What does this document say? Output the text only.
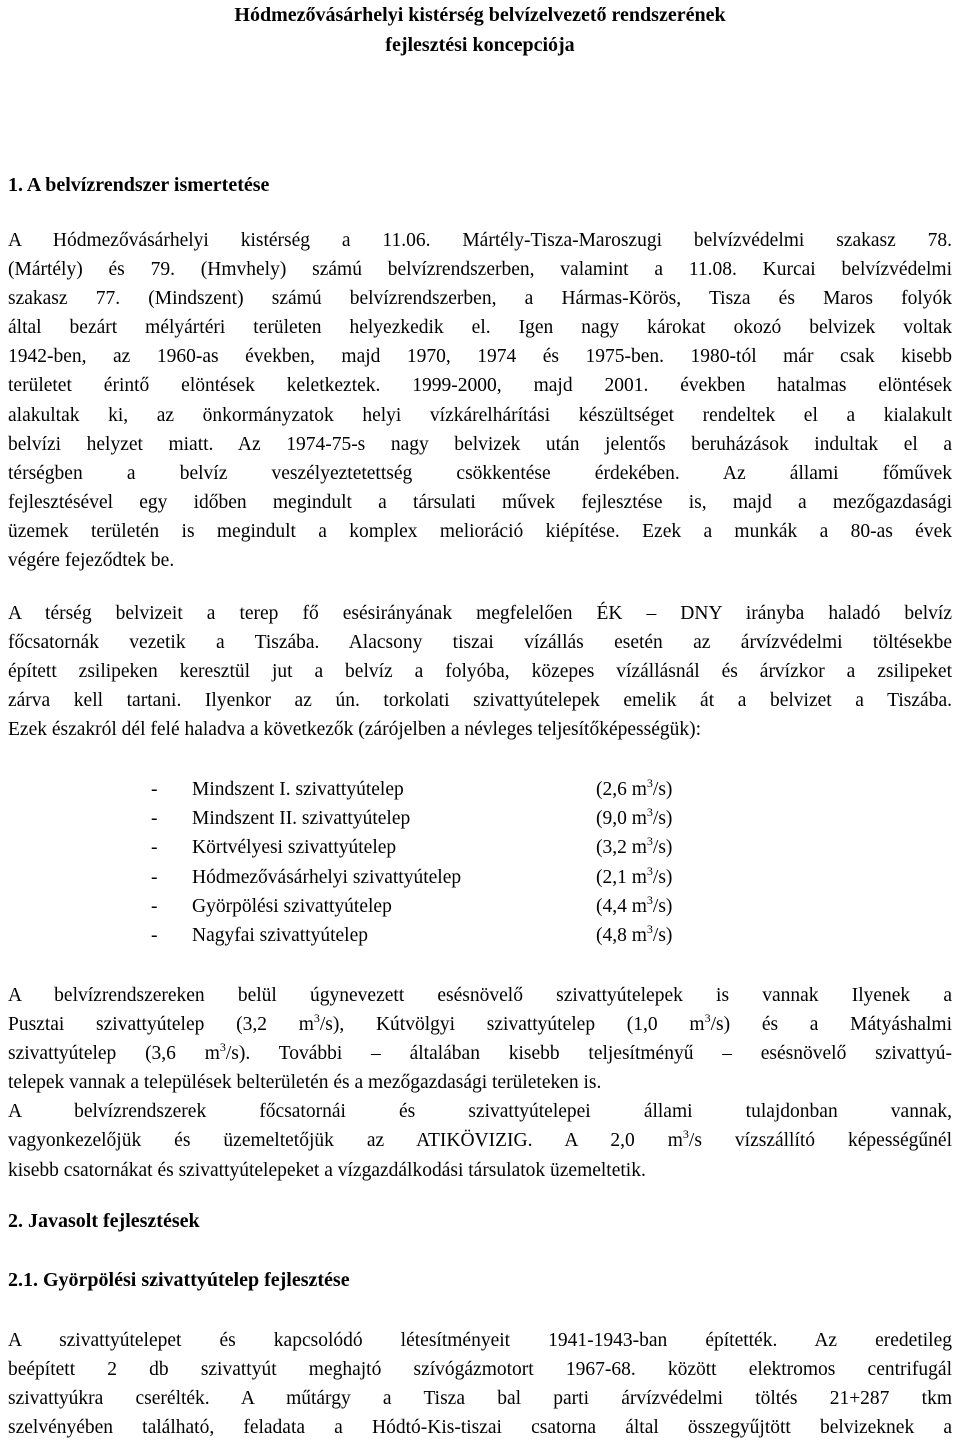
Hódmezővásárhelyi kistérség belvízelvezető rendszerének
fejlesztési koncepciója
1. A belvízrendszer ismertetése
A Hódmezővásárhelyi kistérség a 11.06. Mártély-Tisza-Maroszugi belvízvédelmi szakasz 78.
(Mártély) és 79. (Hmvhely) számú belvízrendszerben, valamint a 11.08. Kurcai belvízvédelmi
szakasz 77. (Mindszent) számú belvízrendszerben, a Hármas-Körös, Tisza és Maros folyók
által bezárt mélyártéri területen helyezkedik el. Igen nagy károkat okozó belvizek voltak
1942-ben, az 1960-as években, majd 1970, 1974 és 1975-ben. 1980-tól már csak kisebb
területet érintő elöntések keletkeztek. 1999-2000, majd 2001. években hatalmas elöntések
alakultak ki, az önkormányzatok helyi vízkárelhárítási készültséget rendeltek el a kialakult
belvízi helyzet miatt. Az 1974-75-s nagy belvizek után jelentős beruházások indultak el a
térségben a belvíz veszélyeztetettség csökkentése érdekében. Az állami főművek
fejlesztésével egy időben megindult a társulati művek fejlesztése is, majd a mezőgazdasági
üzemek területén is megindult a komplex melioráció kiépítése. Ezek a munkák a 80-as évek
végére fejeződtek be.
A térség belvizeit a terep fő esésirányának megfelelően ÉK – DNY irányba haladó belvíz
főcsatornák vezetik a Tiszába. Alacsony tiszai vízállás esetén az árvízvédelmi töltésekbe
épített zsilipeken keresztül jut a belvíz a folyóba, közepes vízállásnál és árvízkor a zsilipeket
zárva kell tartani. Ilyenkor az ún. torkolati szivattyútelepek emelik át a belvizet a Tiszába.
Ezek északról dél felé haladva a következők (zárójelben a névleges teljesítőképességük):
- Mindszent I. szivattyútelep	(2,6 $m^3/s$)
- Mindszent II. szivattyútelep	(9,0 $m^3/s$)
- Körtvélyesi szivattyútelep	(3,2 $m^3/s$)
- Hódmezővásárhelyi szivattyútelep	(2,1 $m^3/s$)
- Györpölési szivattyútelep	(4,4 $m^3/s$)
- Nagyfai szivattyútelep	(4,8 $m^3/s$)
A belvízrendszereken belül úgynevezett esésnövelő szivattyútelepek is vannak Ilyenek a
Pusztai szivattyútelep (3,2 $m^3/s$), Kútvölgyi szivattyútelep (1,0 $m^3/s$) és a Mátyáshalmi
szivattyútelep (3,6 $m^3/s$). További – általában kisebb teljesítményű – esésnövelő szivattyú-
telepek vannak a települések belterületén és a mezőgazdasági területeken is.
A belvízrendszerek főcsatornái és szivattyútelepei állami tulajdonban vannak,
vagyonkezelőjük és üzemeltetőjük az ATIKÖVIZIG. A 2,0 $m^3/s$ vízszállító képességűnél
kisebb csatornákat és szivattyútelepeket a vízgazdálkodási társulatok üzemeltetik.
2. Javasolt fejlesztések
2.1. Györpölési szivattyútelep fejlesztése
A szivattyútelepet és kapcsolódó létesítményeit 1941-1943-ban építették. Az eredetileg
beépített 2 db szivattyút meghajtó szívógázmotort 1967-68. között elektromos centrifugál
szivattyúkra cserélték. A műtárgy a Tisza bal parti árvízvédelmi töltés 21+287 tkm
szelvényében található, feladata a Hódtó-Kis-tiszai csatorna által összegyűjtött belvizeknek a
